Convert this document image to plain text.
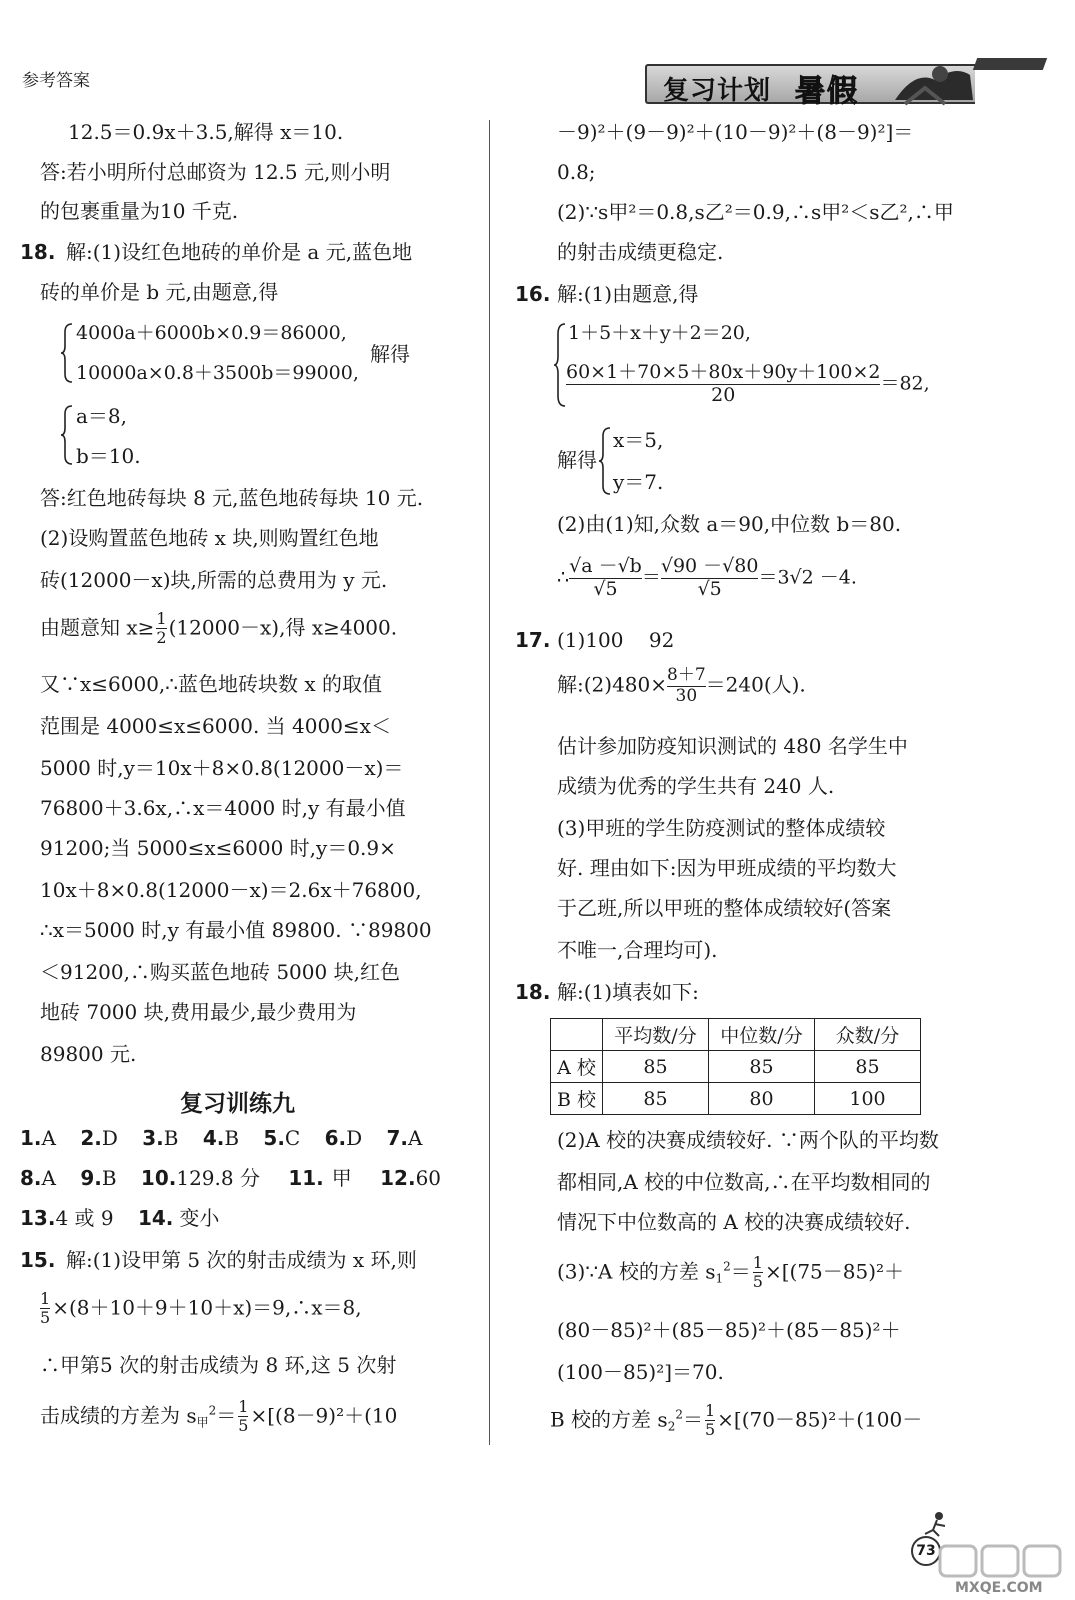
参考答案	复习计划 暑假
12.5＝0.9x＋3.5,解得 x＝10.
答:若小明所付总邮资为 12.5 元,则小明
的包裹重量为10 千克.
18. 解:(1)设红色地砖的单价是 a 元,蓝色地
砖的单价是 b 元,由题意,得
4000a＋6000b×0.9＝86000,
10000a×0.8＋3500b＝99000,
解得
a＝8,
b＝10.
答:红色地砖每块 8 元,蓝色地砖每块 10 元.
(2)设购置蓝色地砖 x 块,则购置红色地
砖(12000－x)块,所需的总费用为 y 元.
由题意知 $x\ge \frac{1}{2} (12000-x)$,得 x≥4000.
又∵x≤6000,∴蓝色地砖块数 x 的取值
范围是 4000≤x≤6000. 当 4000≤x＜
5000 时,y＝10x＋8×0.8(12000－x)＝
76800＋3.6x,∴x＝4000 时,y 有最小值
91200;当 5000≤x≤6000 时,y＝0.9×
10x＋8×0.8(12000－x)＝2.6x＋76800,
∴x＝5000 时,y 有最小值 89800. ∵89800
＜91200,∴购买蓝色地砖 5000 块,红色
地砖 7000 块,费用最少,最少费用为
89800 元.
复习训练九
1.A 2.D 3.B 4.B 5.C 6.D 7.A
8.A 9.B 10.129.8 分 11. 甲 12.60
13.4 或 9 14. 变小
15. 解:(1)设甲第 5 次的射击成绩为 x 环,则
$\frac{1}{5}$ ×(8＋10＋9＋10＋x)＝9,∴x＝8,
∴甲第5 次的射击成绩为 8 环,这 5 次射
击成绩的方差为 $s_甲^2= \frac{1}{5} \times[(8-9)^2+(10$
－9)²＋(9－9)²＋(10－9)²＋(8－9)²]＝
0.8;
(2)∵s甲²＝0.8,s乙²＝0.9,∴s甲²＜s乙²,∴甲
的射击成绩更稳定.
16. 解:(1)由题意,得
1＋5＋x＋y＋2＝20,
$\frac{60\times 1+70\times 5+80x+90y+100\times 2}{20} =82$,
解得
x＝5,
y＝7.
(2)由(1)知,众数 a＝90,中位数 b＝80.
∴ $\frac{√a -√b}{√5} = \frac{√90 -√80}{√5} =3√2 -4$.
17. (1)100    92
解:(2)480× $\frac{8+7}{30} =240$(人).
估计参加防疫知识测试的 480 名学生中
成绩为优秀的学生共有 240 人.
(3)甲班的学生防疫测试的整体成绩较
好. 理由如下:因为甲班成绩的平均数大
于乙班,所以甲班的整体成绩较好(答案
不唯一,合理均可).
18. 解:(1)填表如下:
	平均数/分	中位数/分	众数/分
A 校	85	85	85
B 校	85	80	100
(2)A 校的决赛成绩较好. ∵两个队的平均数
都相同,A 校的中位数高,∴在平均数相同的
情况下中位数高的 A 校的决赛成绩较好.
(3)∵A 校的方差 $s_1^2= \frac{1}{5} \times[(75-85)^2+$
(80－85)²＋(85－85)²＋(85－85)²＋
(100－85)²]＝70.
B 校的方差 $s_2^2= \frac{1}{5} \times[(70-85)^2+(100-$
73
MXQE.COM
